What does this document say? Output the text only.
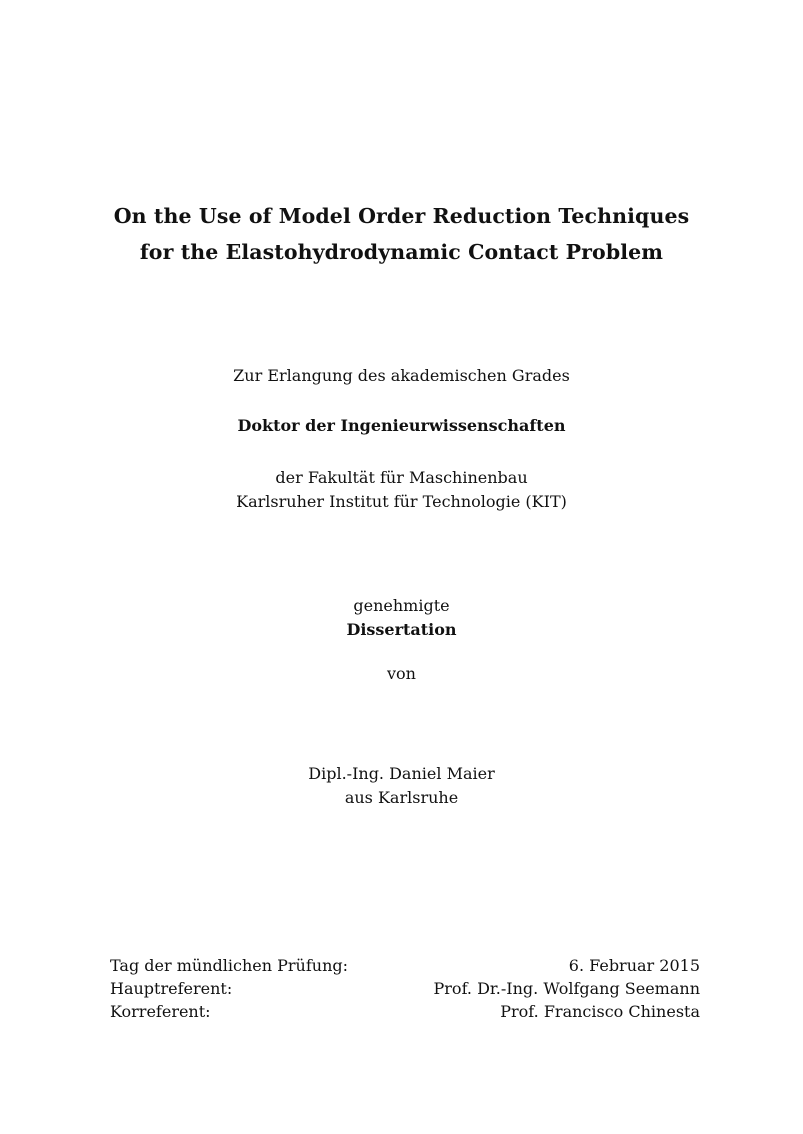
On the Use of Model Order Reduction Techniques
for the Elastohydrodynamic Contact Problem
Zur Erlangung des akademischen Grades
Doktor der Ingenieurwissenschaften
der Fakultät für Maschinenbau
Karlsruher Institut für Technologie (KIT)
genehmigte
Dissertation
von
Dipl.-Ing. Daniel Maier
aus Karlsruhe
Tag der mündlichen Prüfung:	6. Februar 2015
Hauptreferent:	Prof. Dr.-Ing. Wolfgang Seemann
Korreferent:	Prof. Francisco Chinesta
